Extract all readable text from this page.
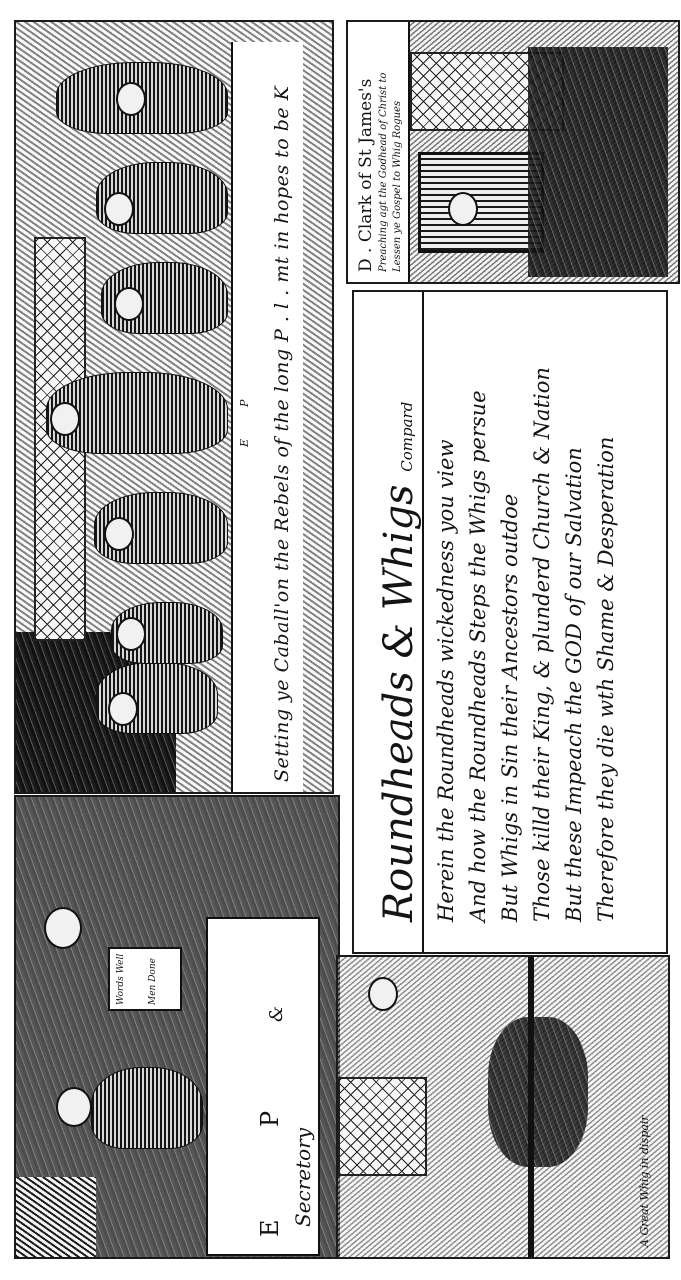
E
P Setting ye Caball'on the Rebels of the long P . l . mt in hopes to be K	D . Clark of St James's Preaching agt the Godhead of Christ to Lessen ye Gospel to Whig Rogues
Roundheads & Whigs Compard
Herein the Roundheads wickedness you view And how the Roundheads Steps the Whigs persue But Whigs in Sin their Ancestors outdoe Those killd their King, & plunderd Church & Nation But these Impeach the GOD of our Salvation Therefore they die wth Shame & Desperation
Words Well Men Done
E
P
&
Secretory	A Great Whig in dispair
